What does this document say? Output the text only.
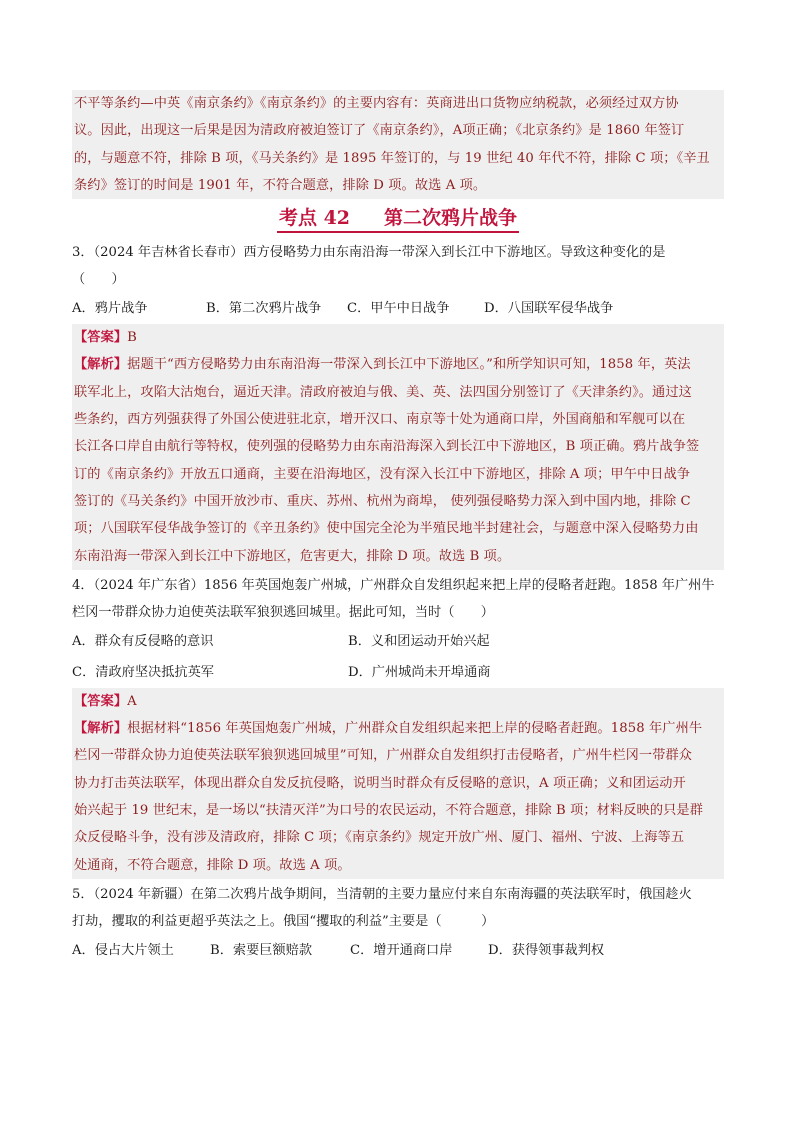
不平等条约—中英《南京条约》《南京条约》的主要内容有：英商进出口货物应纳税款，必须经过双方协
议。因此，出现这一后果是因为清政府被迫签订了《南京条约》，A项正确；《北京条约》是 1860 年签订
的，与题意不符，排除 B 项，《马关条约》是 1895 年签订的，与 19 世纪 40 年代不符，排除 C 项；《辛丑
条约》签订的时间是 1901 年，不符合题意，排除 D 项。故选 A 项。
考点 42 第二次鸦片战争
3．（2024 年吉林省长春市）西方侵略势力由东南沿海一带深入到长江中下游地区。导致这种变化的是
（　　）
A．鸦片战争	B．第二次鸦片战争	C．甲午中日战争	D．八国联军侵华战争
【答案】B
【解析】据题干“西方侵略势力由东南沿海一带深入到长江中下游地区。”和所学知识可知，1858 年，英法
联军北上，攻陷大沽炮台，逼近天津。清政府被迫与俄、美、英、法四国分别签订了《天津条约》。通过这
些条约，西方列强获得了外国公使进驻北京，增开汉口、南京等十处为通商口岸，外国商船和军舰可以在
长江各口岸自由航行等特权，使列强的侵略势力由东南沿海深入到长江中下游地区，B 项正确。鸦片战争签
订的《南京条约》开放五口通商，主要在沿海地区，没有深入长江中下游地区，排除 A 项；甲午中日战争
签订的《马关条约》中国开放沙市、重庆、苏州、杭州为商埠， 使列强侵略势力深入到中国内地，排除 C
项；八国联军侵华战争签订的《辛丑条约》使中国完全沦为半殖民地半封建社会，与题意中深入侵略势力由
东南沿海一带深入到长江中下游地区，危害更大，排除 D 项。故选 B 项。
4．（2024 年广东省）1856 年英国炮轰广州城，广州群众自发组织起来把上岸的侵略者赶跑。1858 年广州牛
栏冈一带群众协力迫使英法联军狼狈逃回城里。据此可知，当时（　　）
A．群众有反侵略的意识	B．义和团运动开始兴起
C．清政府坚决抵抗英军	D．广州城尚未开埠通商
【答案】A
【解析】根据材料“1856 年英国炮轰广州城，广州群众自发组织起来把上岸的侵略者赶跑。1858 年广州牛
栏冈一带群众协力迫使英法联军狼狈逃回城里”可知，广州群众自发组织打击侵略者，广州牛栏冈一带群众
协力打击英法联军，体现出群众自发反抗侵略，说明当时群众有反侵略的意识，A 项正确；义和团运动开
始兴起于 19 世纪末，是一场以“扶清灭洋”为口号的农民运动，不符合题意，排除 B 项；材料反映的只是群
众反侵略斗争，没有涉及清政府，排除 C 项；《南京条约》规定开放广州、厦门、福州、宁波、上海等五
处通商，不符合题意，排除 D 项。故选 A 项。
5．（2024 年新疆）在第二次鸦片战争期间，当清朝的主要力量应付来自东南海疆的英法联军时，俄国趁火
打劫，攫取的利益更超乎英法之上。俄国“攫取的利益”主要是（　　　）
A．侵占大片领土	B．索要巨额赔款	C．增开通商口岸	D．获得领事裁判权
